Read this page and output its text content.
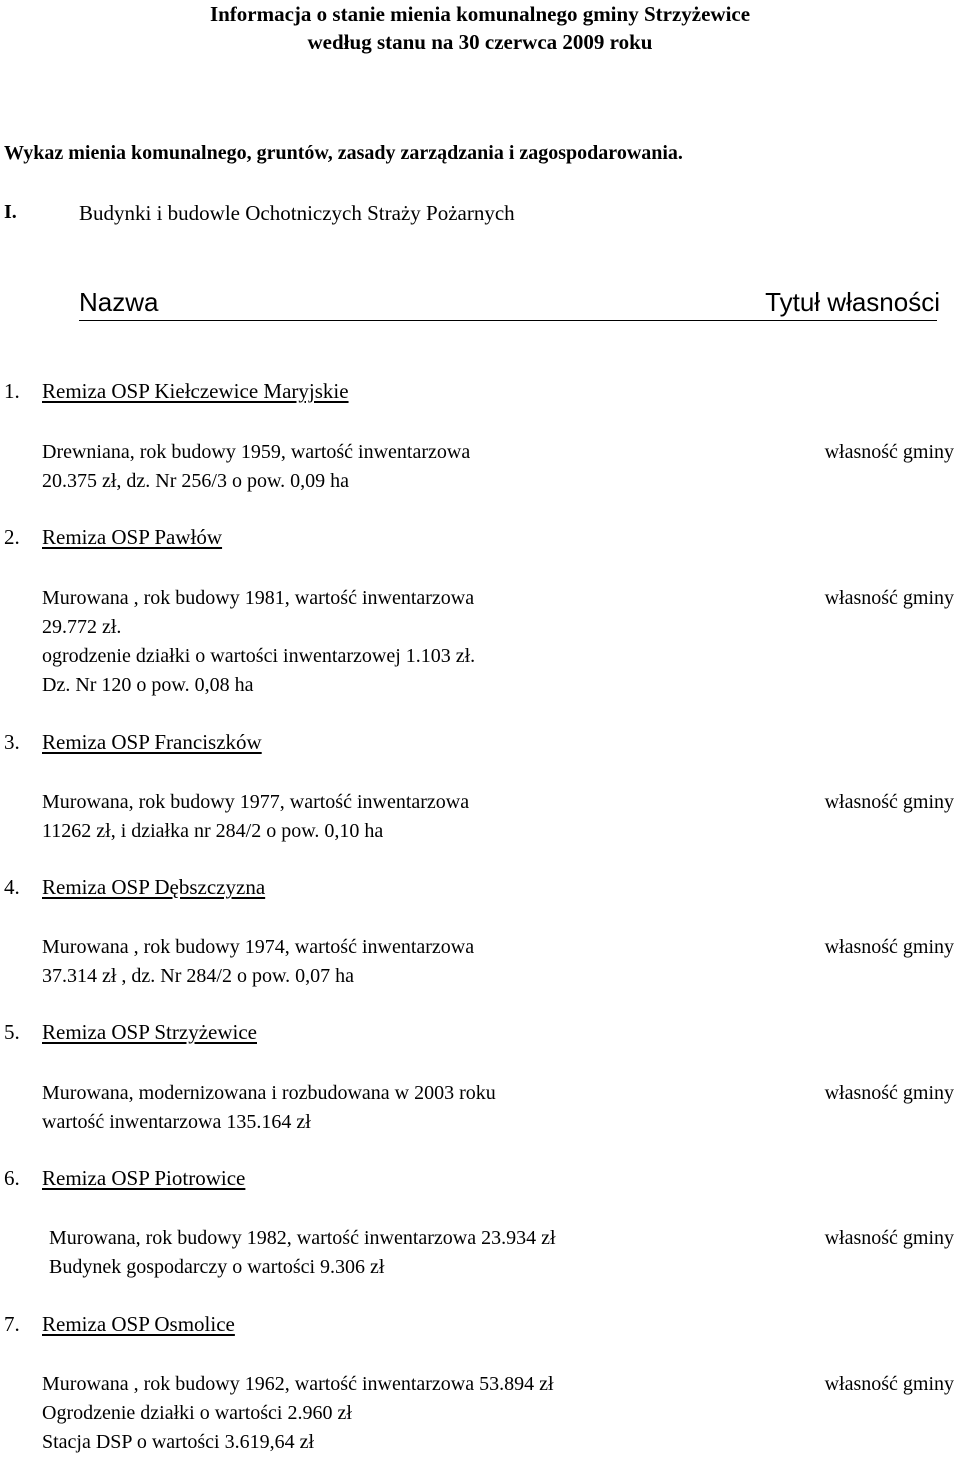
Informacja o stanie mienia komunalnego gminy Strzyżewice
według stanu na 30 czerwca 2009 roku
Wykaz mienia komunalnego, gruntów, zasady zarządzania i zagospodarowania.
I.	Budynki i budowle Ochotniczych Straży Pożarnych
Nazwa	Tytuł własności
1. Remiza OSP Kiełczewice Maryjskie
Drewniana, rok budowy 1959, wartość inwentarzowa
20.375 zł, dz. Nr 256/3 o pow. 0,09 ha
własność gminy
2. Remiza OSP Pawłów
Murowana , rok budowy 1981, wartość inwentarzowa
29.772 zł.
ogrodzenie działki o wartości inwentarzowej 1.103 zł.
Dz. Nr 120 o pow. 0,08 ha
własność gminy
3. Remiza OSP Franciszków
Murowana, rok budowy 1977, wartość inwentarzowa
11262 zł, i działka nr 284/2 o pow. 0,10 ha
własność gminy
4. Remiza OSP Dębszczyzna
Murowana , rok budowy 1974, wartość inwentarzowa
37.314 zł , dz. Nr 284/2 o pow. 0,07 ha
własność gminy
5. Remiza OSP Strzyżewice
Murowana, modernizowana i rozbudowana w 2003 roku
wartość inwentarzowa 135.164 zł
własność gminy
6. Remiza OSP Piotrowice
Murowana, rok budowy 1982, wartość inwentarzowa 23.934 zł
Budynek gospodarczy o wartości 9.306 zł
własność gminy
7. Remiza OSP Osmolice
Murowana , rok budowy 1962, wartość inwentarzowa 53.894 zł
Ogrodzenie działki o wartości 2.960 zł
Stacja DSP o wartości 3.619,64 zł
własność gminy
